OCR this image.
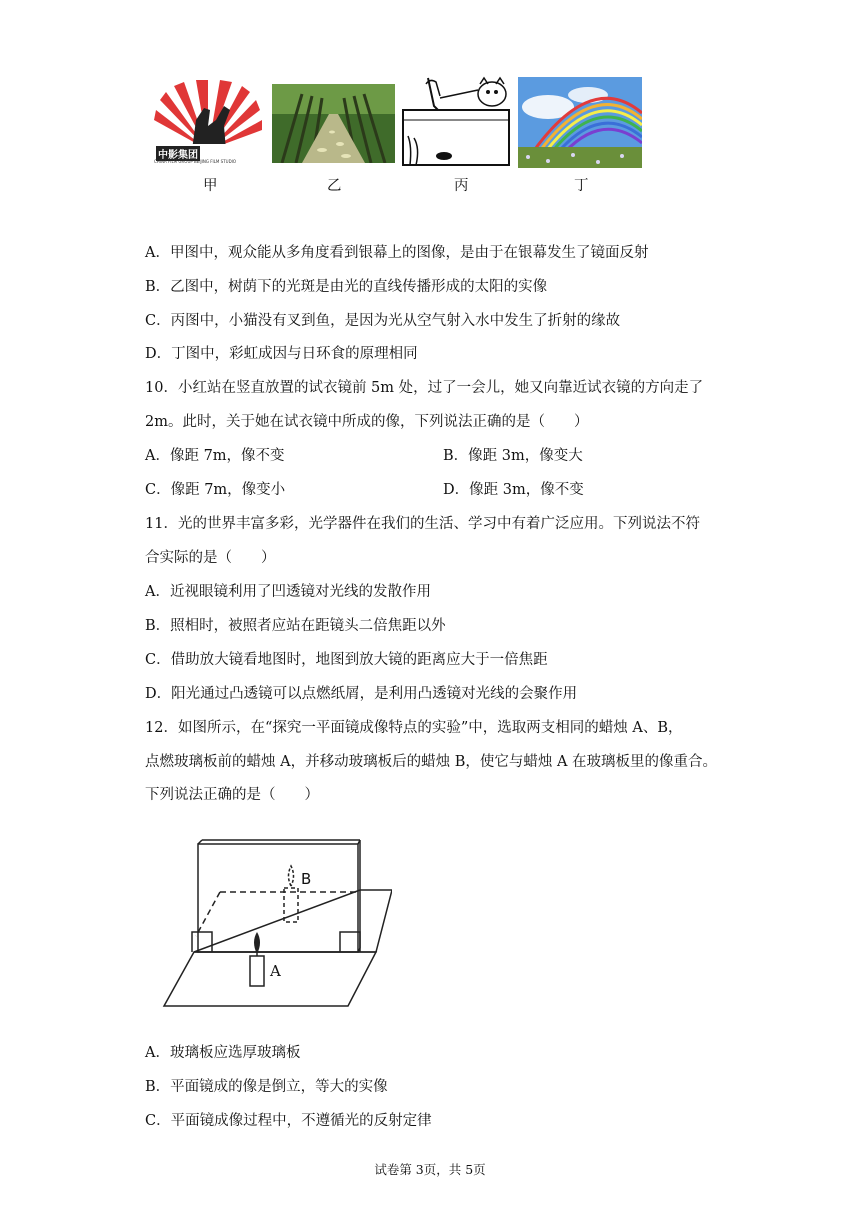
中影集团
CHINA FILM GROUP BEIJING FILM STUDIO
甲	乙	丙	丁
A．甲图中，观众能从多角度看到银幕上的图像，是由于在银幕发生了镜面反射
B．乙图中，树荫下的光斑是由光的直线传播形成的太阳的实像
C．丙图中，小猫没有叉到鱼，是因为光从空气射入水中发生了折射的缘故
D．丁图中，彩虹成因与日环食的原理相同
10．小红站在竖直放置的试衣镜前 5m 处，过了一会儿，她又向靠近试衣镜的方向走了
2m。此时，关于她在试衣镜中所成的像，下列说法正确的是（　　）
A．像距 7m，像不变	B．像距 3m，像变大
C．像距 7m，像变小	D．像距 3m，像不变
11．光的世界丰富多彩，光学器件在我们的生活、学习中有着广泛应用。下列说法不符
合实际的是（　　）
A．近视眼镜利用了凹透镜对光线的发散作用
B．照相时，被照者应站在距镜头二倍焦距以外
C．借助放大镜看地图时，地图到放大镜的距离应大于一倍焦距
D．阳光通过凸透镜可以点燃纸屑，是利用凸透镜对光线的会聚作用
12．如图所示，在“探究一平面镜成像特点的实验”中，选取两支相同的蜡烛 A、B，
点燃玻璃板前的蜡烛 A，并移动玻璃板后的蜡烛 B，使它与蜡烛 A 在玻璃板里的像重合。
下列说法正确的是（　　）
B
A
A．玻璃板应选厚玻璃板
B．平面镜成的像是倒立，等大的实像
C．平面镜成像过程中，不遵循光的反射定律
试卷第 3页，共 5页
